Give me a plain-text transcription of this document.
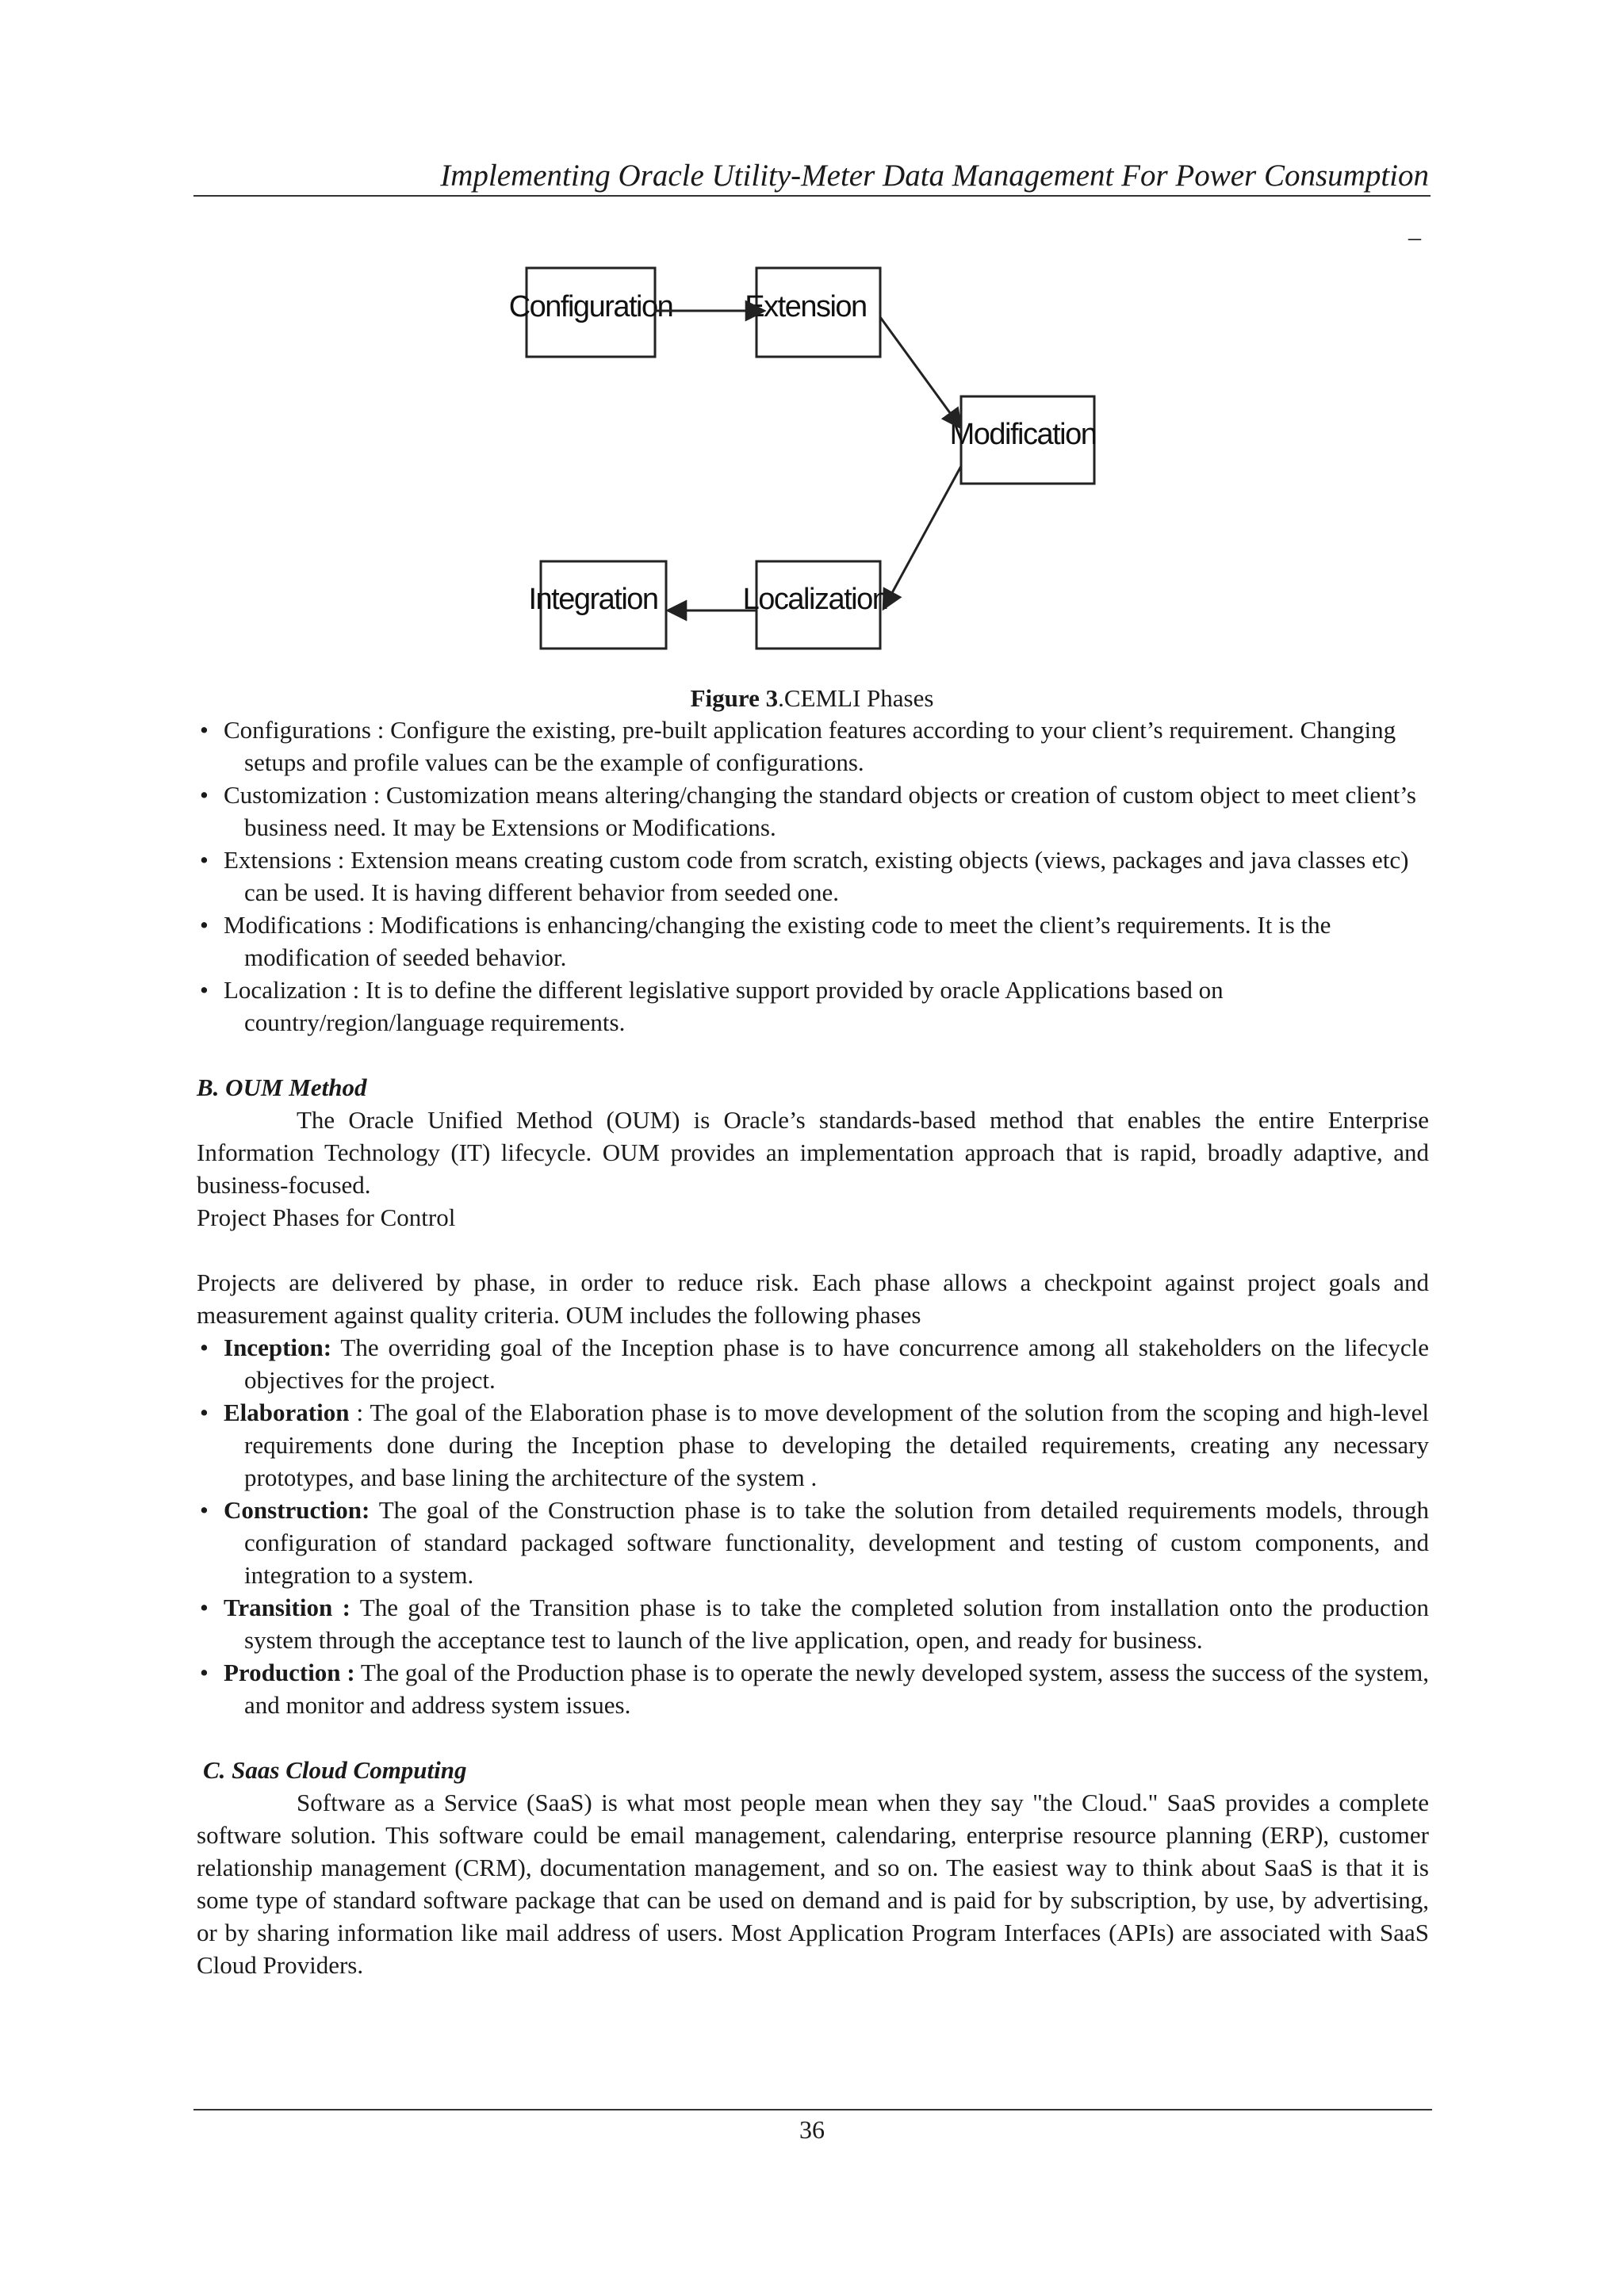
Implementing Oracle Utility-Meter Data Management For Power Consumption
_
Configuration Extension
Modification
Localization
Integration
Figure 3.CEMLI Phases
• Configurations : Configure the existing, pre-built application features according to your client’s requirement. Changing setups and profile values can be the example of configurations.
• Customization : Customization means altering/changing the standard objects or creation of custom object to meet client’s business need. It may be Extensions or Modifications.
• Extensions : Extension means creating custom code from scratch, existing objects (views, packages and java classes etc) can be used. It is having different behavior from seeded one.
• Modifications : Modifications is enhancing/changing the existing code to meet the client’s requirements. It is the modification of seeded behavior.
• Localization : It is to define the different legislative support provided by oracle Applications based on country/region/language requirements.

B. OUM Method

The Oracle Unified Method (OUM) is Oracle’s standards-based method that enables the entire Enterprise Information Technology (IT) lifecycle. OUM provides an implementation approach that is rapid, broadly adaptive, and business-focused.

Project Phases for Control

Projects are delivered by phase, in order to reduce risk. Each phase allows a checkpoint against project goals and measurement against quality criteria. OUM includes the following phases

• Inception: The overriding goal of the Inception phase is to have concurrence among all stakeholders on the lifecycle objectives for the project.
• Elaboration : The goal of the Elaboration phase is to move development of the solution from the scoping and high-level requirements done during the Inception phase to developing the detailed requirements, creating any necessary prototypes, and base lining the architecture of the system .
• Construction: The goal of the Construction phase is to take the solution from detailed requirements models, through configuration of standard packaged software functionality, development and testing of custom components, and integration to a system.
• Transition : The goal of the Transition phase is to take the completed solution from installation onto the production system through the acceptance test to launch of the live application, open, and ready for business.
• Production : The goal of the Production phase is to operate the newly developed system, assess the success of the system, and monitor and address system issues.

C. Saas Cloud Computing

Software as a Service (SaaS) is what most people mean when they say "the Cloud." SaaS provides a complete software solution. This software could be email management, calendaring, enterprise resource planning (ERP), customer relationship management (CRM), documentation management, and so on. The easiest way to think about SaaS is that it is some type of standard software package that can be used on demand and is paid for by subscription, by use, by advertising, or by sharing information like mail address of users. Most Application Program Interfaces (APIs) are associated with SaaS Cloud Providers.

36
